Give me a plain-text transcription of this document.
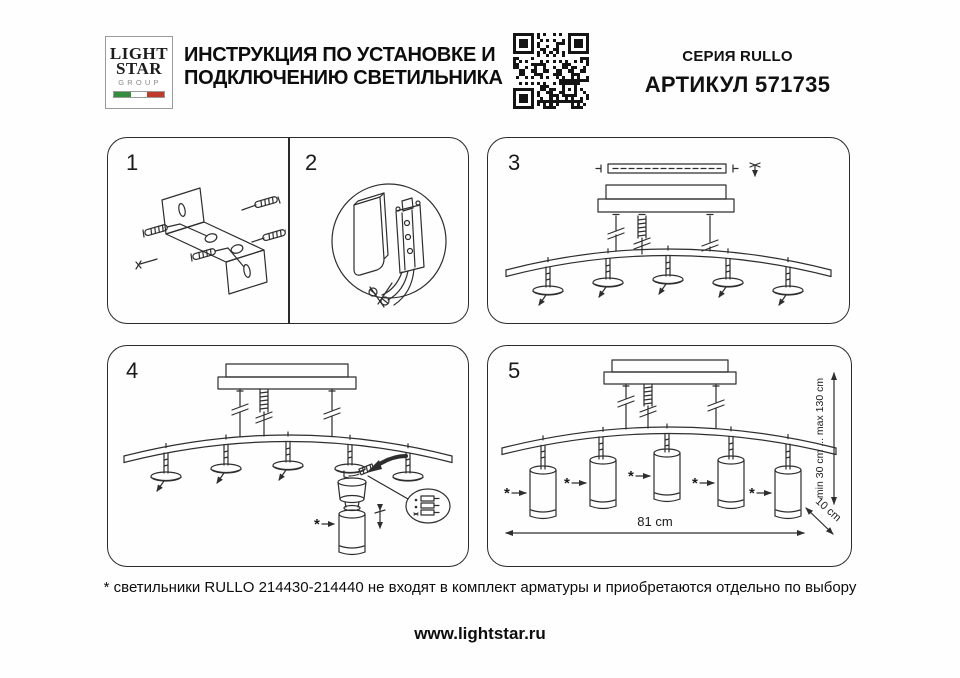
LIGHT
STAR
GROUP
ИНСТРУКЦИЯ ПО УСТАНОВКЕ И
ПОДКЛЮЧЕНИЮ СВЕТИЛЬНИКА
СЕРИЯ RULLO
АРТИКУЛ 571735
1	2	3
4
*
5
*
*	*	*
*
81 cm
min 30 cm ... max 130 cm
10 cm
* светильники RULLO 214430-214440 не входят в комплект арматуры и приобретаются отдельно по выбору
www.lightstar.ru
